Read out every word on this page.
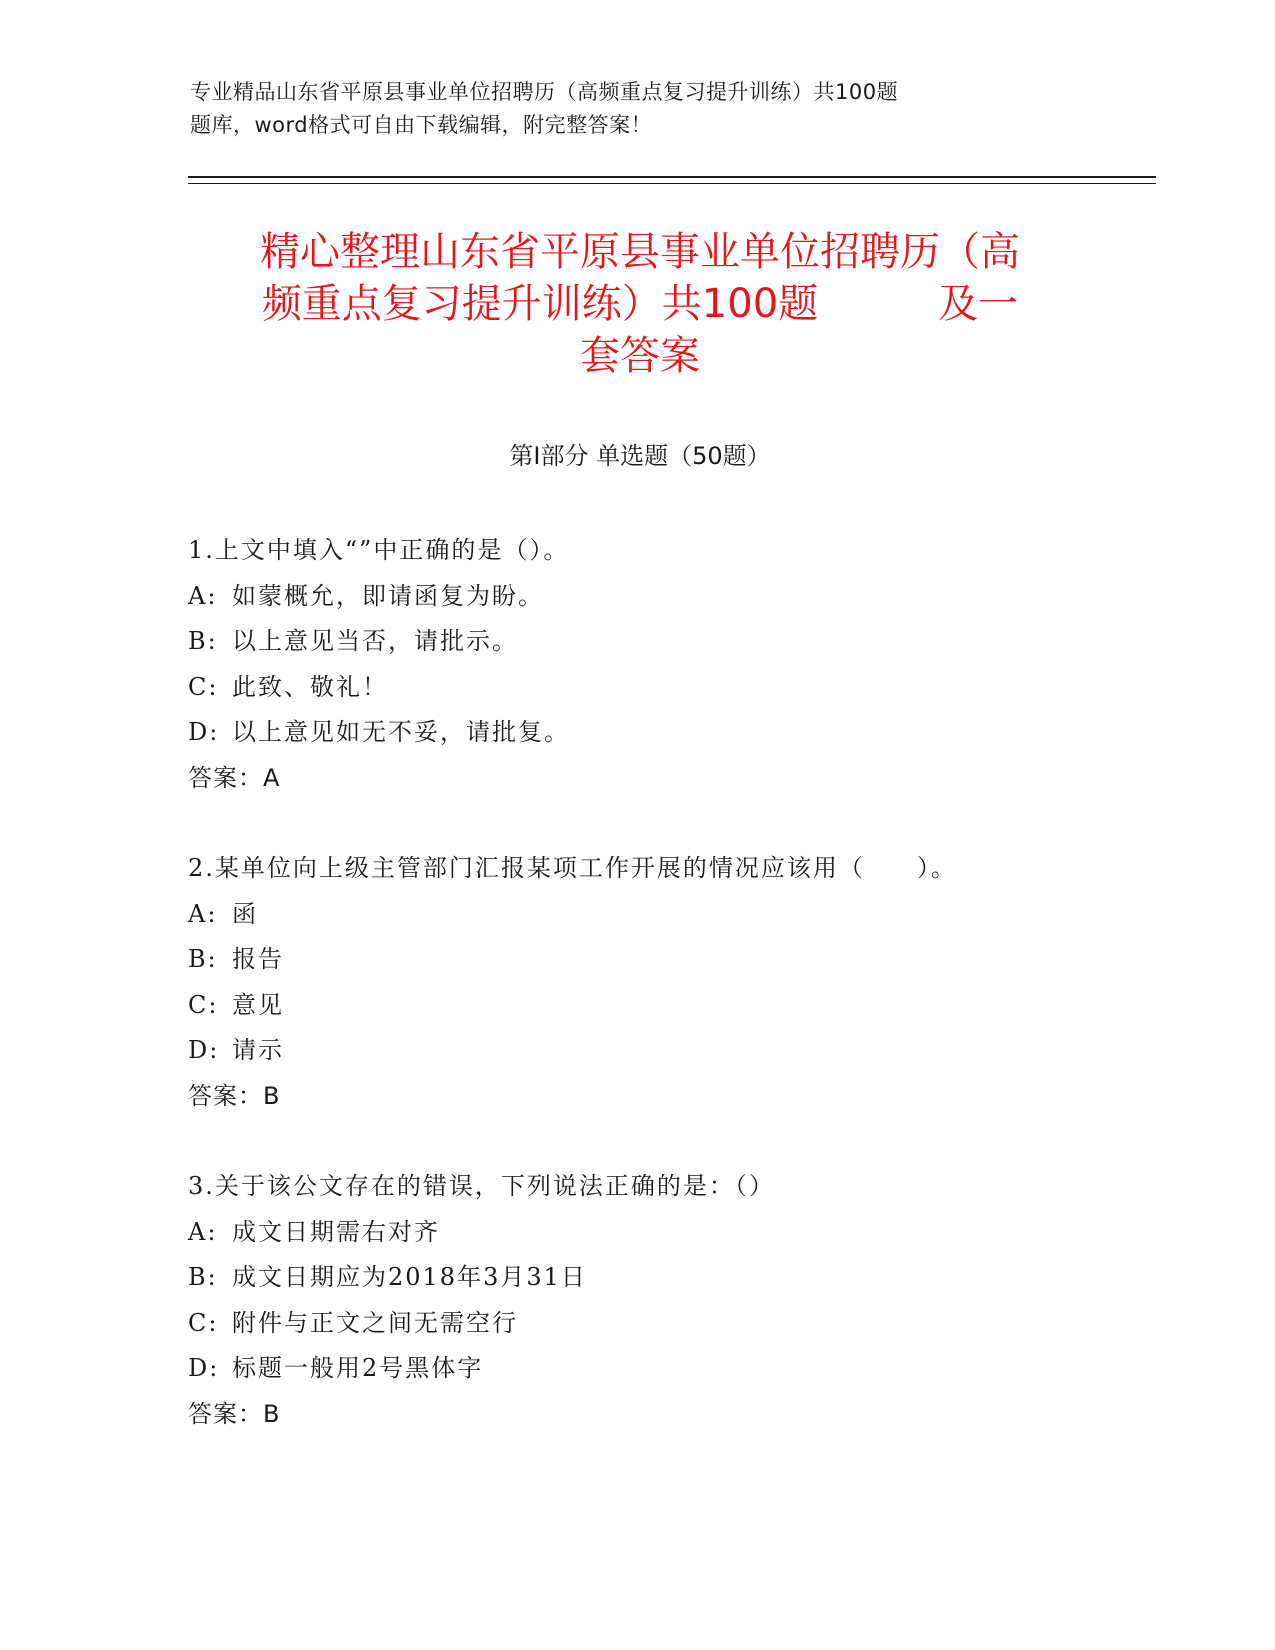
专业精品山东省平原县事业单位招聘历（高频重点复习提升训练）共100题
题库，word格式可自由下载编辑，附完整答案！
精心整理山东省平原县事业单位招聘历（高
频重点复习提升训练）共100题	及一
套答案
第Ⅰ部分 单选题（50题）
1.上文中填入“”中正确的是（）。
A: 如蒙概允，即请函复为盼。
B: 以上意见当否，请批示。
C: 此致、敬礼！
D: 以上意见如无不妥，请批复。
答案：A
2.某单位向上级主管部门汇报某项工作开展的情况应该用（　　）。
A: 函
B: 报告
C: 意见
D: 请示
答案：B
3.关于该公文存在的错误，下列说法正确的是：（）
A: 成文日期需右对齐
B: 成文日期应为2018年3月31日
C: 附件与正文之间无需空行
D: 标题一般用2号黑体字
答案：B
